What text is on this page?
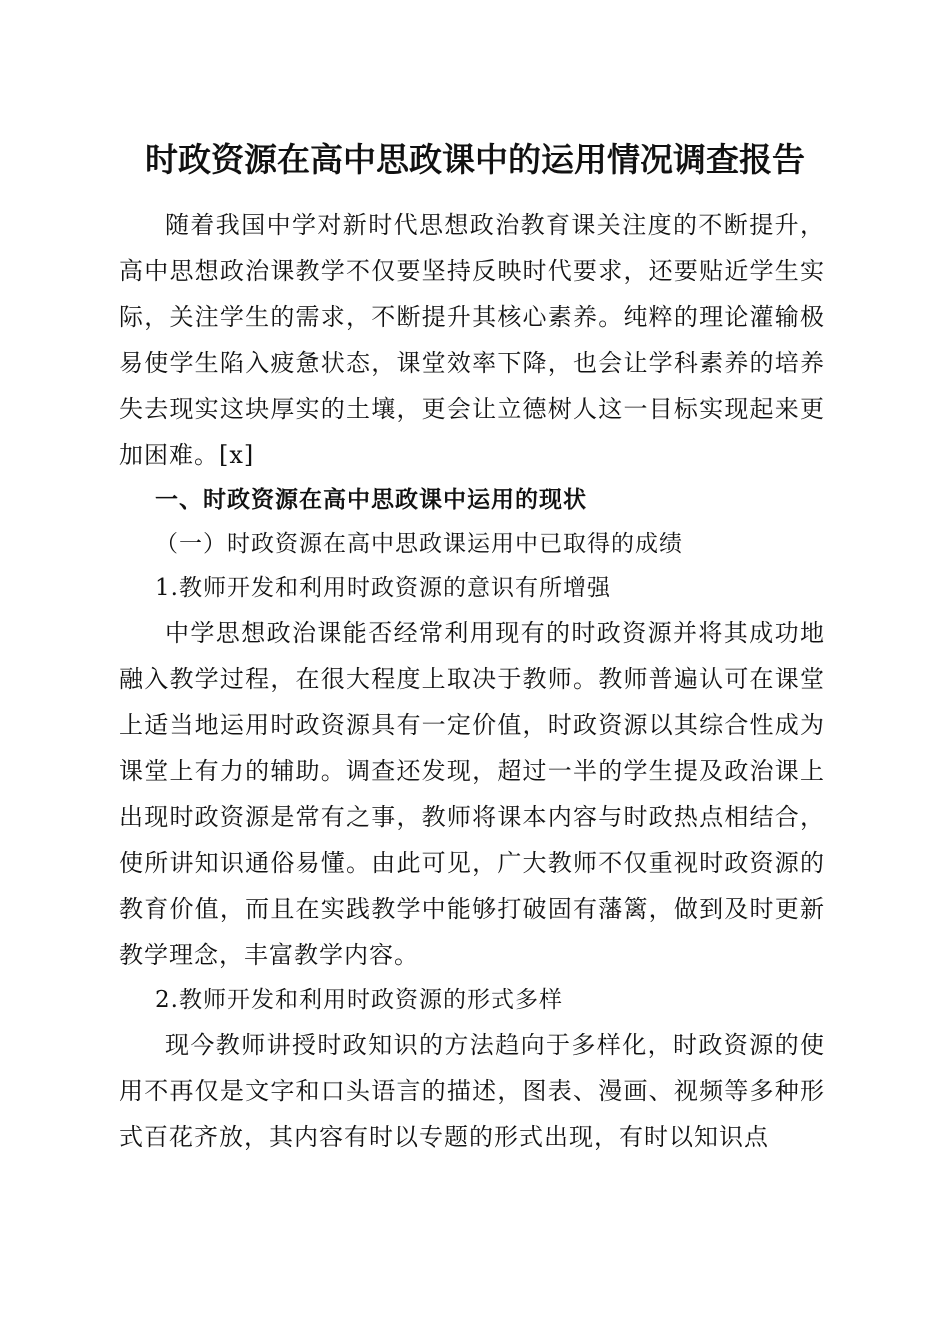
时政资源在高中思政课中的运用情况调查报告

随着我国中学对新时代思想政治教育课关注度的不断提升，高中思想政治课教学不仅要坚持反映时代要求，还要贴近学生实际，关注学生的需求，不断提升其核心素养。纯粹的理论灌输极易使学生陷入疲惫状态，课堂效率下降，也会让学科素养的培养失去现实这块厚实的土壤，更会让立德树人这一目标实现起来更加困难。[x]

一、时政资源在高中思政课中运用的现状

（一）时政资源在高中思政课运用中已取得的成绩

1.教师开发和利用时政资源的意识有所增强

中学思想政治课能否经常利用现有的时政资源并将其成功地融入教学过程，在很大程度上取决于教师。教师普遍认可在课堂上适当地运用时政资源具有一定价值，时政资源以其综合性成为课堂上有力的辅助。调查还发现，超过一半的学生提及政治课上出现时政资源是常有之事，教师将课本内容与时政热点相结合，使所讲知识通俗易懂。由此可见，广大教师不仅重视时政资源的教育价值，而且在实践教学中能够打破固有藩篱，做到及时更新教学理念，丰富教学内容。

2.教师开发和利用时政资源的形式多样

现今教师讲授时政知识的方法趋向于多样化，时政资源的使用不再仅是文字和口头语言的描述，图表、漫画、视频等多种形式百花齐放，其内容有时以专题的形式出现，有时以知识点
